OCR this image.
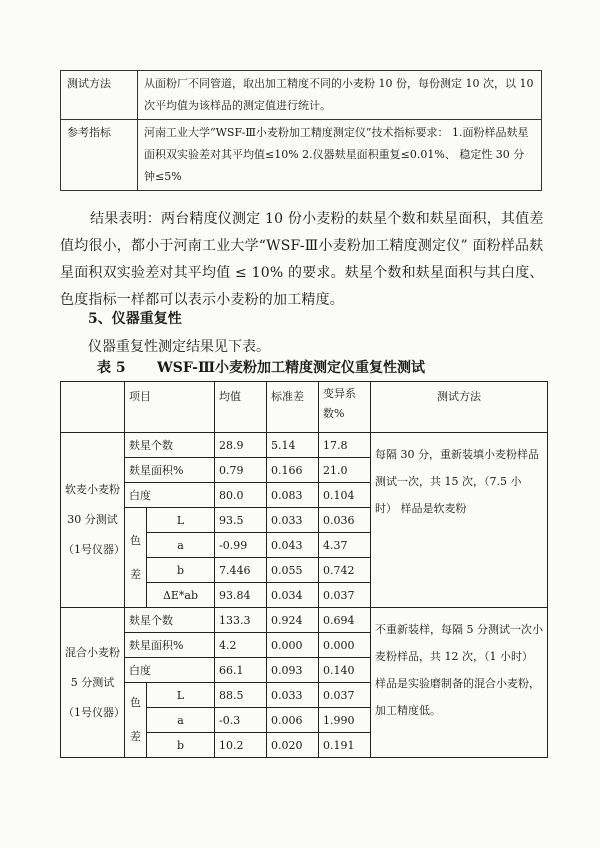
测试方法	从面粉厂不同管道，取出加工精度不同的小麦粉 10 份，每份测定 10 次，以 10 次平均值为该样品的测定值进行统计。
参考指标	河南工业大学“WSF-Ⅲ小麦粉加工精度测定仪”技术指标要求： 1.面粉样品麸星面积双实验差对其平均值≤10% 2.仪器麸星面积重复≤0.01%、 稳定性 30 分钟≤5%
结果表明：两台精度仪测定 10 份小麦粉的麸星个数和麸星面积，其值差值均很小，都小于河南工业大学“WSF-Ⅲ小麦粉加工精度测定仪” 面粉样品麸星面积双实验差对其平均值 ≤ 10% 的要求。麸星个数和麸星面积与其白度、色度指标一样都可以表示小麦粉的加工精度。
5、仪器重复性
仪器重复性测定结果见下表。
表 5 WSF-Ⅲ小麦粉加工精度测定仪重复性测试
	项目		均值	标准差	变异系数%	测试方法
软麦小麦粉 30 分测试 （1号仪器）	麸星个数		28.9	5.14	17.8	每隔 30 分，重新装填小麦粉样品测试一次，共 15 次，（7.5 小时） 样品是软麦粉
	麸星面积%		0.79	0.166	21.0	
	白度		80.0	0.083	0.104	
	色差	L	93.5	0.033	0.036	
		a	-0.99	0.043	4.37	
		b	7.446	0.055	0.742	
		ΔE*ab	93.84	0.034	0.037	
混合小麦粉 5 分测试 （1号仪器）	麸星个数		133.3	0.924	0.694	不重新装样，每隔 5 分测试一次小麦粉样品，共 12 次，（1 小时） 样品是实验磨制备的混合小麦粉，加工精度低。
	麸星面积%		4.2	0.000	0.000	
	白度		66.1	0.093	0.140	
	色差	L	88.5	0.033	0.037	
		a	-0.3	0.006	1.990	
		b	10.2	0.020	0.191	
